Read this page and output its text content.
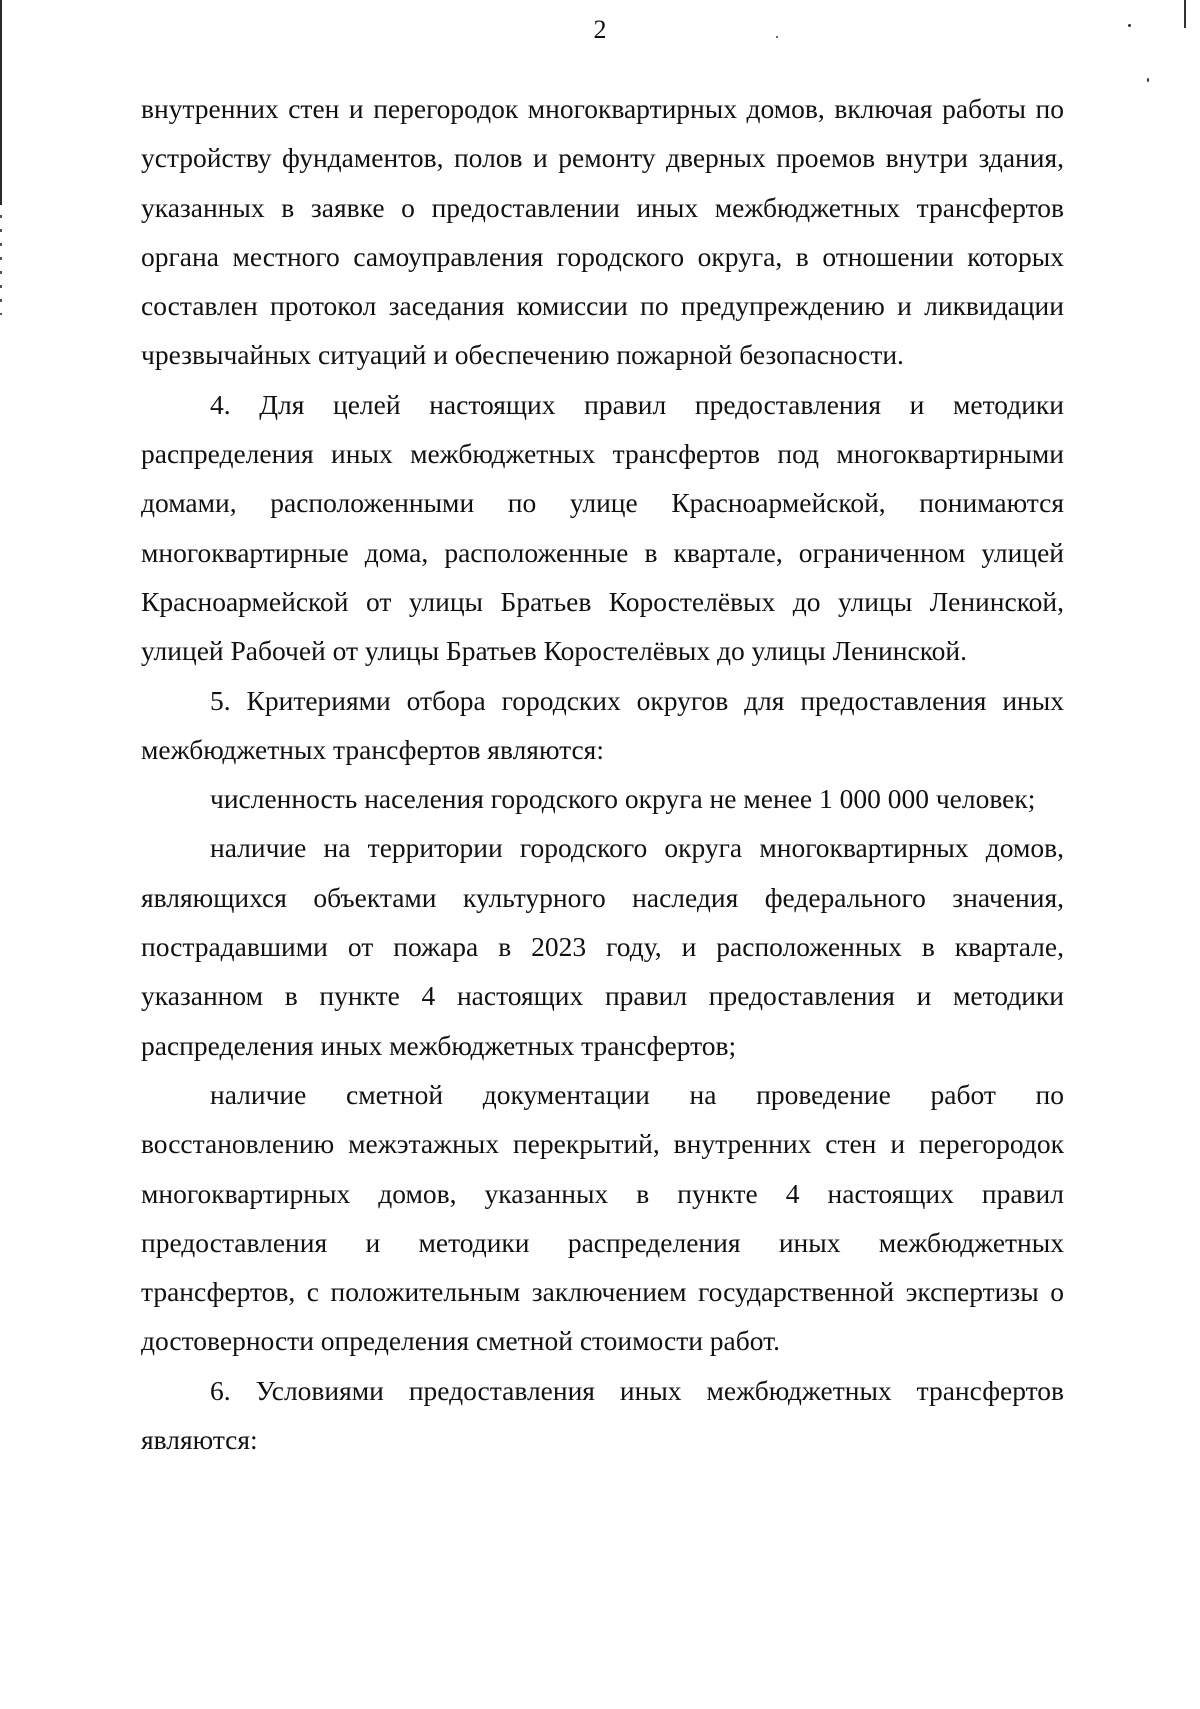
2

внутренних стен и перегородок многоквартирных домов, включая работы по устройству фундаментов, полов и ремонту дверных проемов внутри здания, указанных в заявке о предоставлении иных межбюджетных трансфертов органа местного самоуправления городского округа, в отношении которых составлен протокол заседания комиссии по предупреждению и ликвидации чрезвычайных ситуаций и обеспечению пожарной безопасности.

4. Для целей настоящих правил предоставления и методики распределения иных межбюджетных трансфертов под многоквартирными домами, расположенными по улице Красноармейской, понимаются многоквартирные дома, расположенные в квартале, ограниченном улицей Красноармейской от улицы Братьев Коростелёвых до улицы Ленинской, улицей Рабочей от улицы Братьев Коростелёвых до улицы Ленинской.

5. Критериями отбора городских округов для предоставления иных межбюджетных трансфертов являются:

численность населения городского округа не менее 1 000 000 человек;

наличие на территории городского округа многоквартирных домов, являющихся объектами культурного наследия федерального значения, пострадавшими от пожара в 2023 году, и расположенных в квартале, указанном в пункте 4 настоящих правил предоставления и методики распределения иных межбюджетных трансфертов;

наличие сметной документации на проведение работ по восстановлению межэтажных перекрытий, внутренних стен и перегородок многоквартирных домов, указанных в пункте 4 настоящих правил предоставления и методики распределения иных межбюджетных трансфертов, с положительным заключением государственной экспертизы о достоверности определения сметной стоимости работ.

6. Условиями предоставления иных межбюджетных трансфертов являются:
